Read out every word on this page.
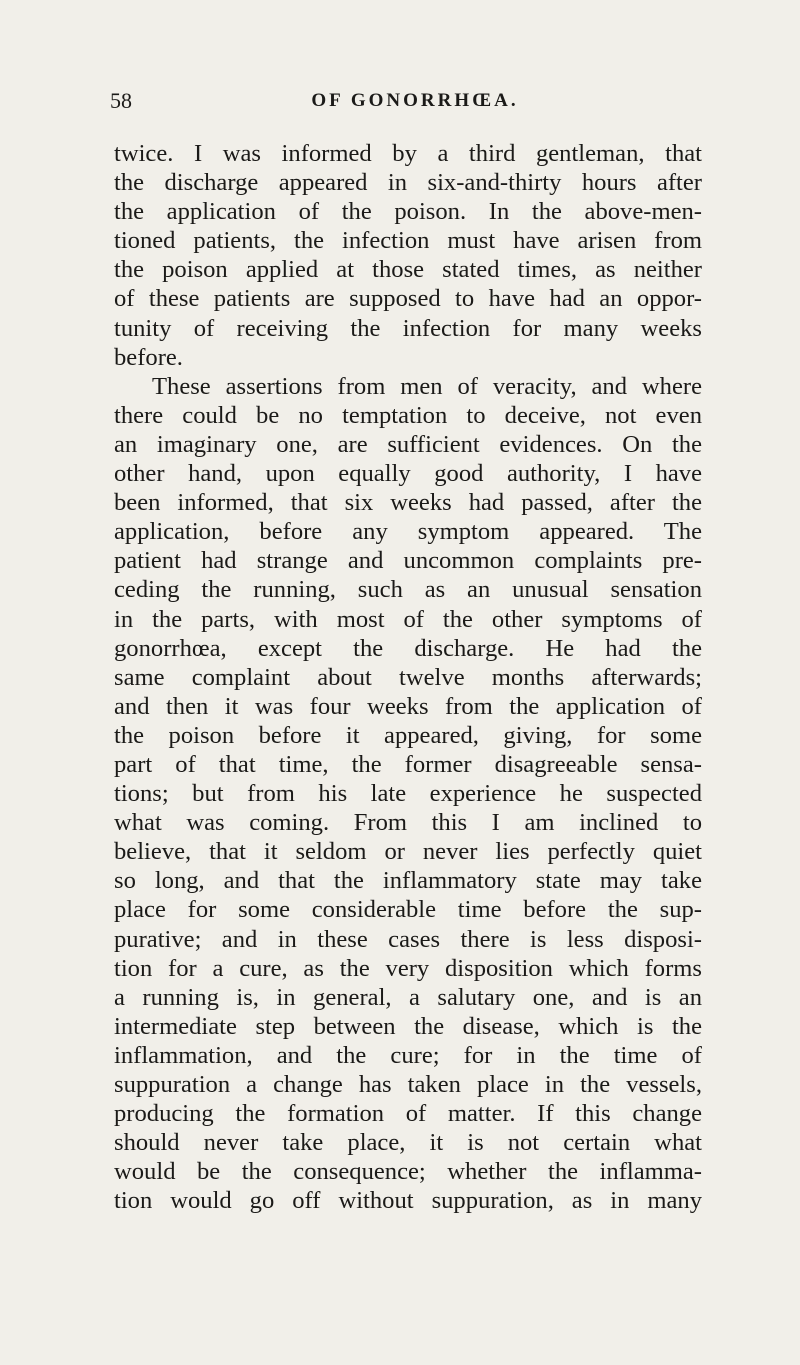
58	OF GONORRHŒA.
twice. I was informed by a third gentleman, that
the discharge appeared in six-and-thirty hours after
the application of the poison. In the above-men-
tioned patients, the infection must have arisen from
the poison applied at those stated times, as neither
of these patients are supposed to have had an oppor-
tunity of receiving the infection for many weeks
before.
These assertions from men of veracity, and where
there could be no temptation to deceive, not even
an imaginary one, are sufficient evidences. On the
other hand, upon equally good authority, I have
been informed, that six weeks had passed, after the
application, before any symptom appeared. The
patient had strange and uncommon complaints pre-
ceding the running, such as an unusual sensation
in the parts, with most of the other symptoms of
gonorrhœa, except the discharge. He had the
same complaint about twelve months afterwards;
and then it was four weeks from the application of
the poison before it appeared, giving, for some
part of that time, the former disagreeable sensa-
tions; but from his late experience he suspected
what was coming. From this I am inclined to
believe, that it seldom or never lies perfectly quiet
so long, and that the inflammatory state may take
place for some considerable time before the sup-
purative; and in these cases there is less disposi-
tion for a cure, as the very disposition which forms
a running is, in general, a salutary one, and is an
intermediate step between the disease, which is the
inflammation, and the cure; for in the time of
suppuration a change has taken place in the vessels,
producing the formation of matter. If this change
should never take place, it is not certain what
would be the consequence; whether the inflamma-
tion would go off without suppuration, as in many
